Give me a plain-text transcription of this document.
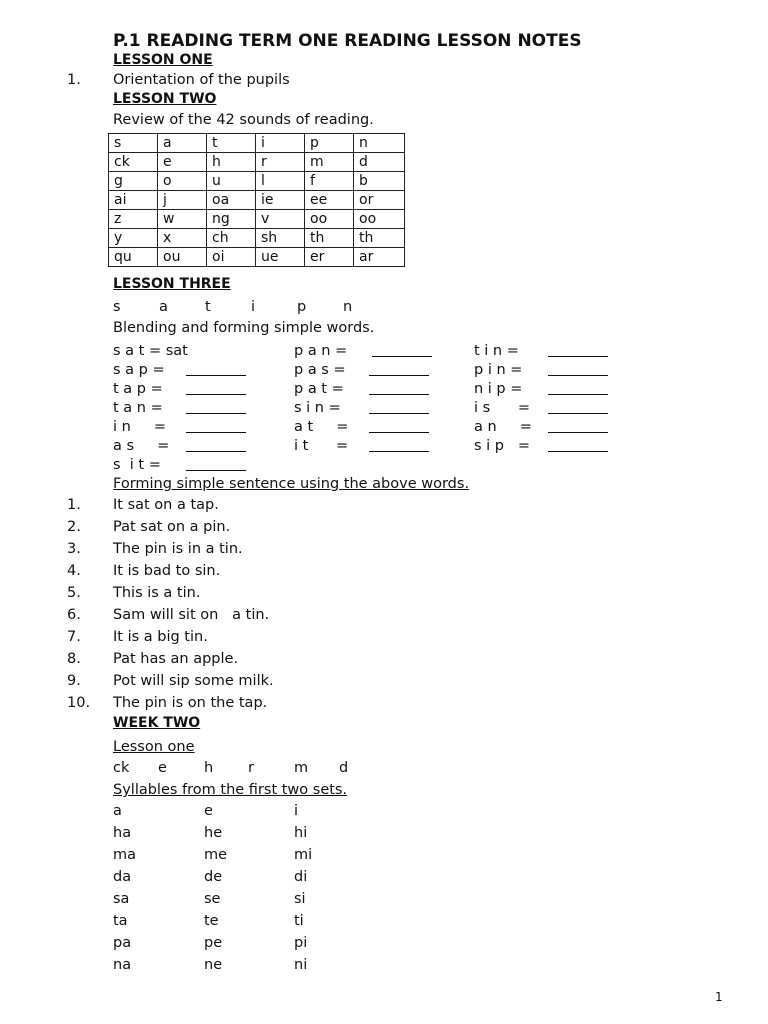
P.1 READING TERM ONE READING LESSON NOTES
LESSON ONE
1. Orientation of the pupils
LESSON TWO
Review of the 42 sounds of reading.
s	a	t	i	p	n
ck	e	h	r	m	d
g	o	u	l	f	b
ai	j	oa	ie	ee	or
z	w	ng	v	oo	oo
y	x	ch	sh	th	th
qu	ou	oi	ue	er	ar
LESSON THREE
s	a	t	i	p	n
Blending and forming simple words.
s a t = sat	p a n =	t i n =
s a p =	p a s =	p i n =
t a p =	p a t =	n i p =
t a n =	s i n =	i s      =
i n     =	a t     =	a n     =
a s     =	i t      =	s i p   =
s  i t =
Forming simple sentence using the above words.
1. It sat on a tap.
2. Pat sat on a pin.
3. The pin is in a tin.
4. It is bad to sin.
5. This is a tin.
6. Sam will sit on   a tin.
7. It is a big tin.
8. Pat has an apple.
9. Pot will sip some milk.
10. The pin is on the tap.
WEEK TWO
Lesson one
ck e	h r	m d
Syllables from the first two sets.
a	e	i
ha	he	hi
ma	me	mi
da	de	di
sa	se	si
ta	te	ti
pa	pe	pi
na	ne	ni
1
